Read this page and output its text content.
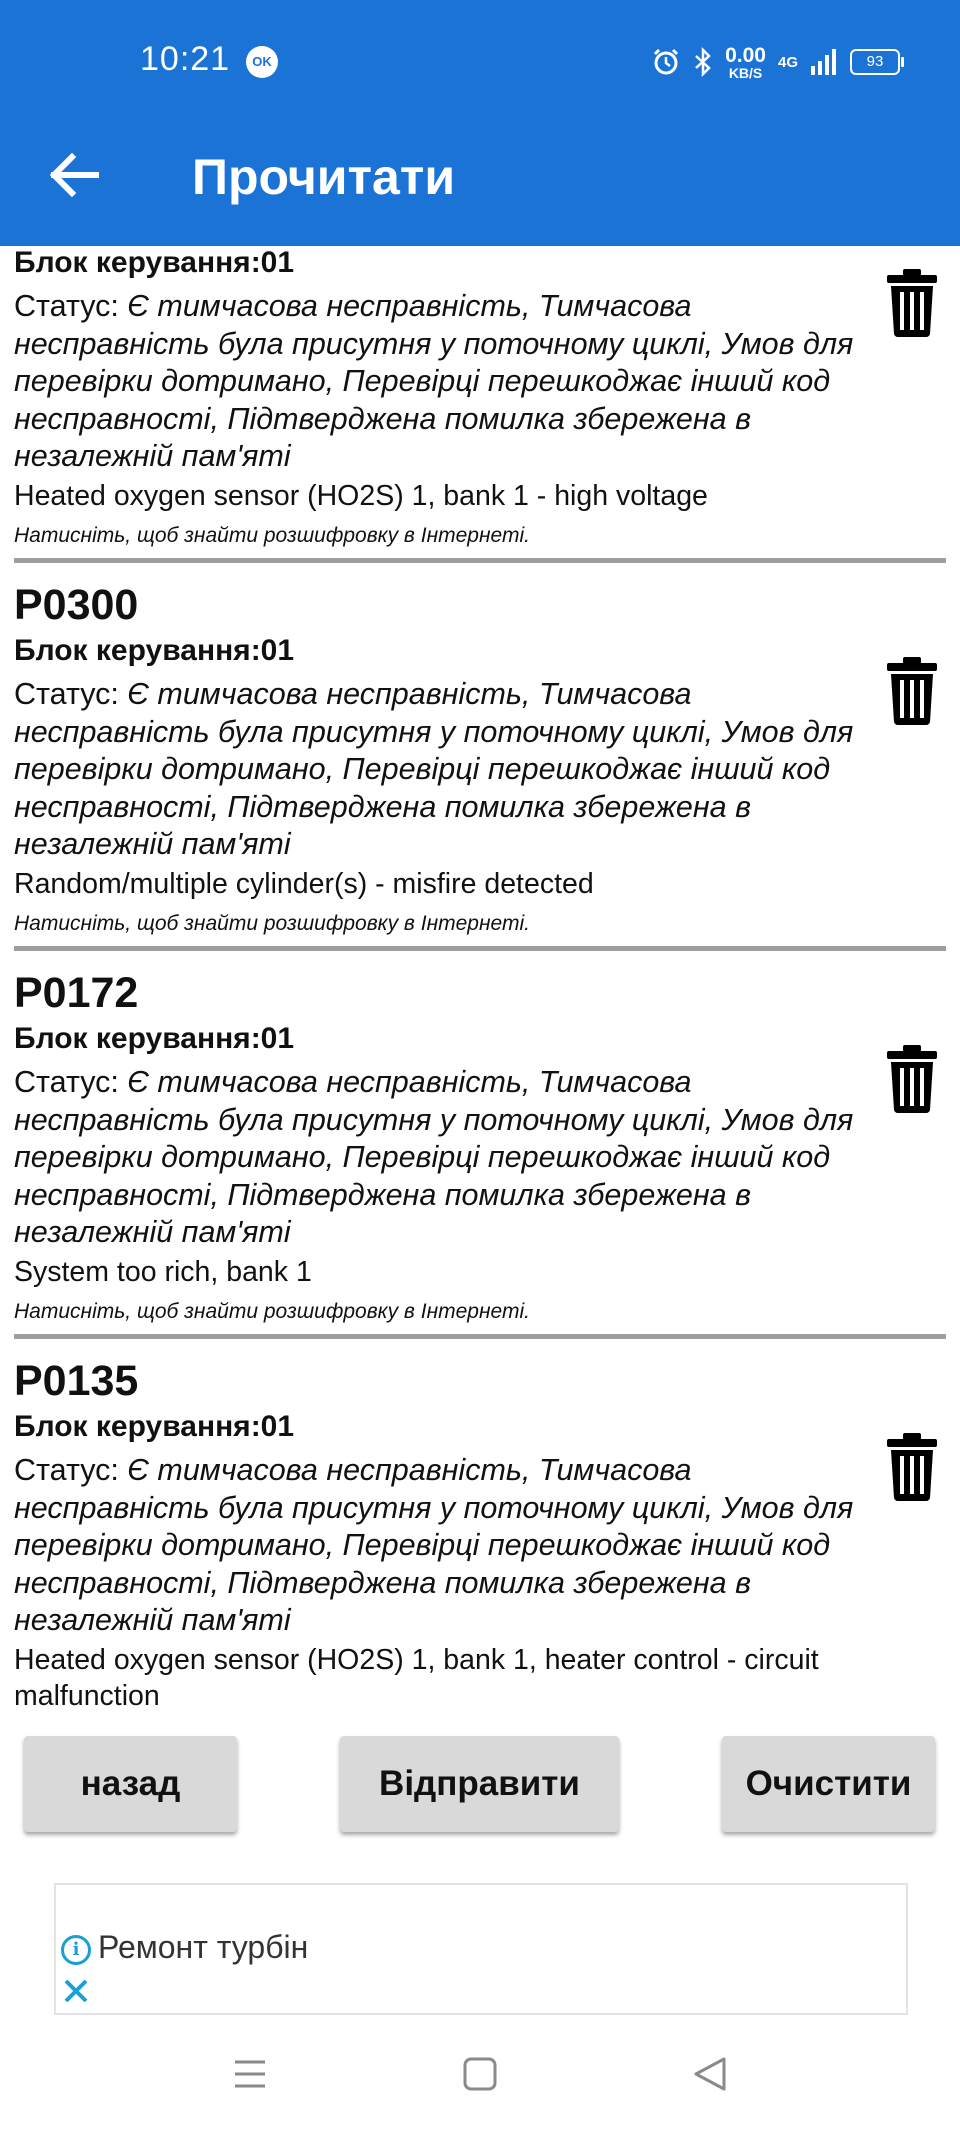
10:21	OK	0.00
KB/S
4G	93
Прочитати
Блок керування:01
Статус: Є тимчасова несправність, Тимчасова несправність була присутня у поточному циклі, Умов для перевірки дотримано, Перевірці перешкоджає інший код несправності, Підтверджена помилка збережена в незалежній пам'яті
Heated oxygen sensor (HO2S) 1, bank 1 - high voltage
Натисніть, щоб знайти розшифровку в Інтернеті.
P0300
Блок керування:01
Статус: Є тимчасова несправність, Тимчасова несправність була присутня у поточному циклі, Умов для перевірки дотримано, Перевірці перешкоджає інший код несправності, Підтверджена помилка збережена в незалежній пам'яті
Random/multiple cylinder(s) - misfire detected
Натисніть, щоб знайти розшифровку в Інтернеті.
P0172
Блок керування:01
Статус: Є тимчасова несправність, Тимчасова несправність була присутня у поточному циклі, Умов для перевірки дотримано, Перевірці перешкоджає інший код несправності, Підтверджена помилка збережена в незалежній пам'яті
System too rich, bank 1
Натисніть, щоб знайти розшифровку в Інтернеті.
P0135
Блок керування:01
Статус: Є тимчасова несправність, Тимчасова несправність була присутня у поточному циклі, Умов для перевірки дотримано, Перевірці перешкоджає інший код несправності, Підтверджена помилка збережена в незалежній пам'яті
Heated oxygen sensor (HO2S) 1, bank 1, heater control - circuit malfunction
назад	Відправити	Очистити
i Ремонт турбін
